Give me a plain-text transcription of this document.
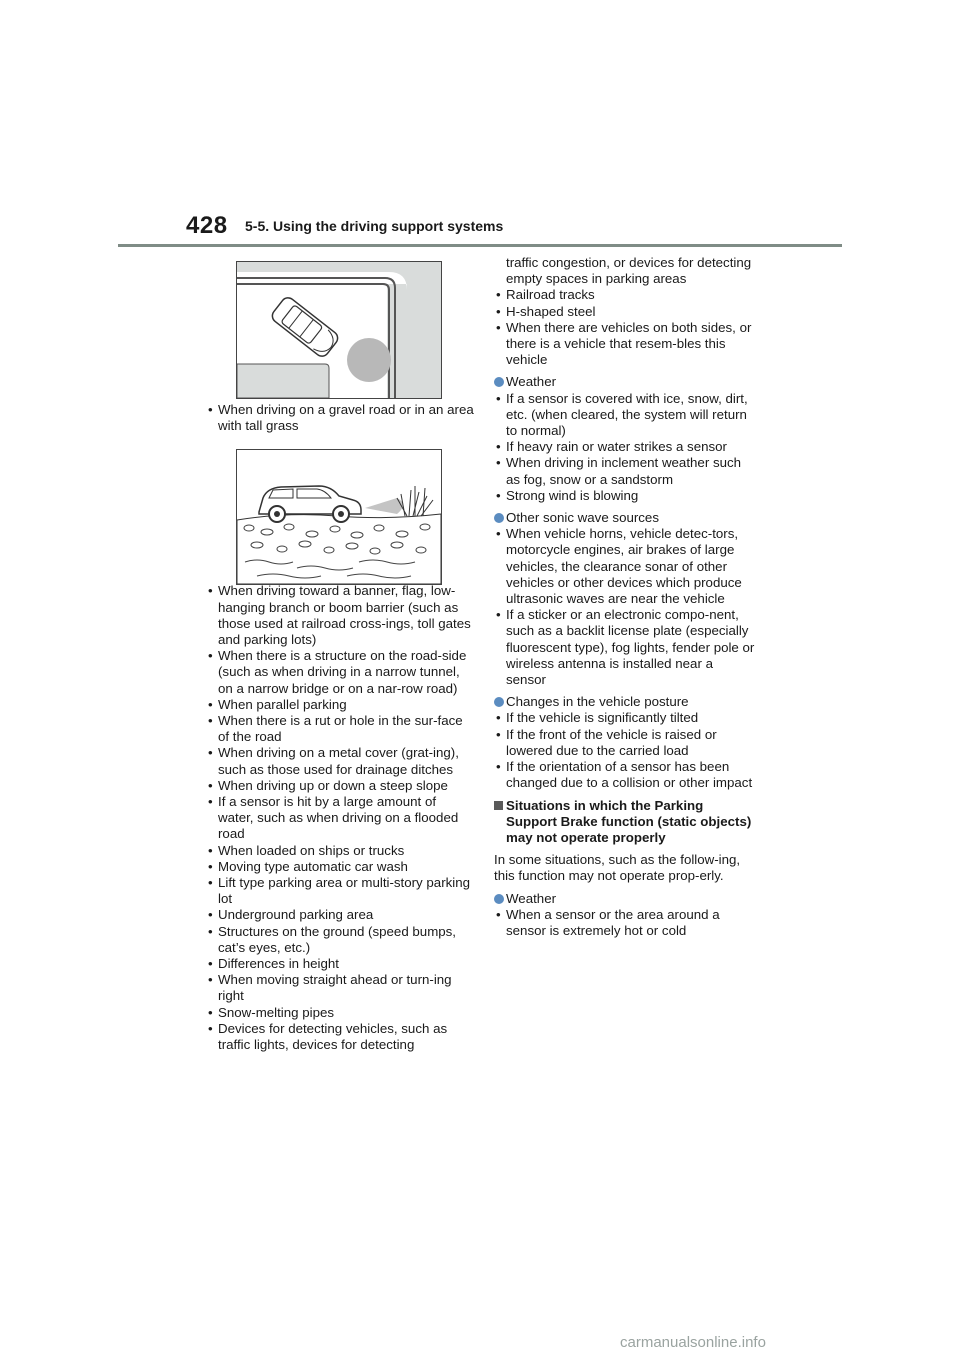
428 5-5. Using the driving support systems
• When driving on a gravel road or in an area with tall grass
• When driving toward a banner, flag, low-hanging branch or boom barrier (such as those used at railroad cross-ings, toll gates and parking lots)
• When there is a structure on the road-side (such as when driving in a narrow tunnel, on a narrow bridge or on a nar-row road)
• When parallel parking
• When there is a rut or hole in the sur-face of the road
• When driving on a metal cover (grat-ing), such as those used for drainage ditches
• When driving up or down a steep slope
• If a sensor is hit by a large amount of water, such as when driving on a flooded road
• When loaded on ships or trucks
• Moving type automatic car wash
• Lift type parking area or multi-story parking lot
• Underground parking area
• Structures on the ground (speed bumps, cat’s eyes, etc.)
• Differences in height
• When moving straight ahead or turn-ing right
• Snow-melting pipes
• Devices for detecting vehicles, such as traffic lights, devices for detecting
traffic congestion, or devices for detecting empty spaces in parking areas
• Railroad tracks
• H-shaped steel
• When there are vehicles on both sides, or there is a vehicle that resem-bles this vehicle
Weather
• If a sensor is covered with ice, snow, dirt, etc. (when cleared, the system will return to normal)
• If heavy rain or water strikes a sensor
• When driving in inclement weather such as fog, snow or a sandstorm
• Strong wind is blowing
Other sonic wave sources
• When vehicle horns, vehicle detec-tors, motorcycle engines, air brakes of large vehicles, the clearance sonar of other vehicles or other devices which produce ultrasonic waves are near the vehicle
• If a sticker or an electronic compo-nent, such as a backlit license plate (especially fluorescent type), fog lights, fender pole or wireless antenna is installed near a sensor
Changes in the vehicle posture
• If the vehicle is significantly tilted
• If the front of the vehicle is raised or lowered due to the carried load
• If the orientation of a sensor has been changed due to a collision or other impact
Situations in which the Parking Support Brake function (static objects) may not operate properly
In some situations, such as the follow-ing, this function may not operate prop-erly.
Weather
• When a sensor or the area around a sensor is extremely hot or cold
carmanualsonline.info
